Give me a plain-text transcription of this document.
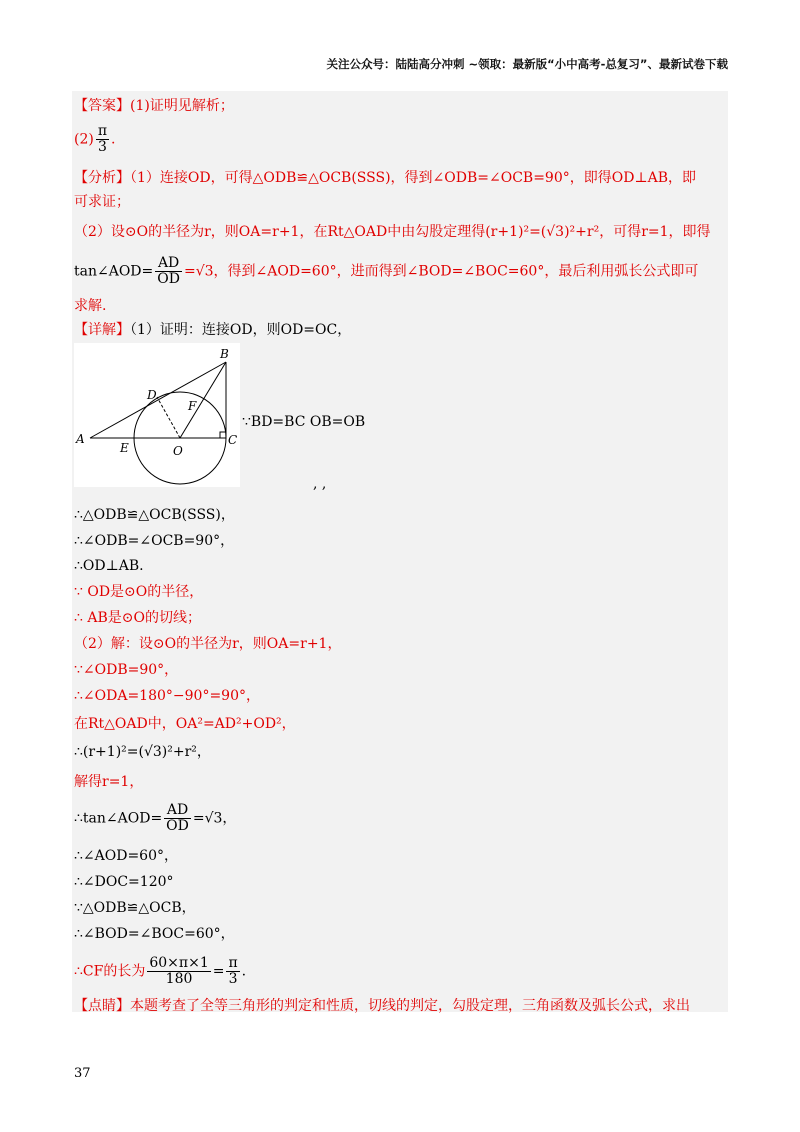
关注公众号：陆陆高分冲刺 ~领取：最新版“小中高考-总复习”、最新试卷下载
【答案】(1)证明见解析；
$(2) \frac{\pi}{3}$ .
【分析】（1）连接OD，可得△ODB≌△OCB(SSS)，得到∠ODB=∠OCB=90°，即得OD⊥AB，即
可求证；
（2）设⊙O的半径为r，则OA=r+1，在Rt△OAD中由勾股定理得(r+1)²=(√3)²+r²，可得r=1，即得
tan∠AOD= $\frac{AD}{OD} =√3$，得到∠AOD=60°，进而得到∠BOD=∠BOC=60°，最后利用弧长公式即可
求解.
【详解】（1）证明：连接OD，则OD=OC，
B
D
F
A
E	O
C
∵BD=BC OB=OB
, ,
∴△ODB≌△OCB(SSS)，
∴∠ODB=∠OCB=90°，
∴OD⊥AB.
∵ OD是⊙O的半径，
∴ AB是⊙O的切线；
（2）解：设⊙O的半径为r，则OA=r+1，
∵∠ODB=90°，
∴∠ODA=180°−90°=90°，
在Rt△OAD中，OA²=AD²+OD²，
∴(r+1)²=(√3)²+r²，
解得r=1，
∴tan∠AOD= $\frac{AD}{OD} =√3$，
∴∠AOD=60°，
∴∠DOC=120°
∵△ODB≌△OCB，
∴∠BOD=∠BOC=60°，
∴CF的长为 $\frac{60\times\pi\times 1}{180} = \frac{\pi}{3}$ .
【点睛】本题考查了全等三角形的判定和性质，切线的判定，勾股定理，三角函数及弧长公式，求出
37
